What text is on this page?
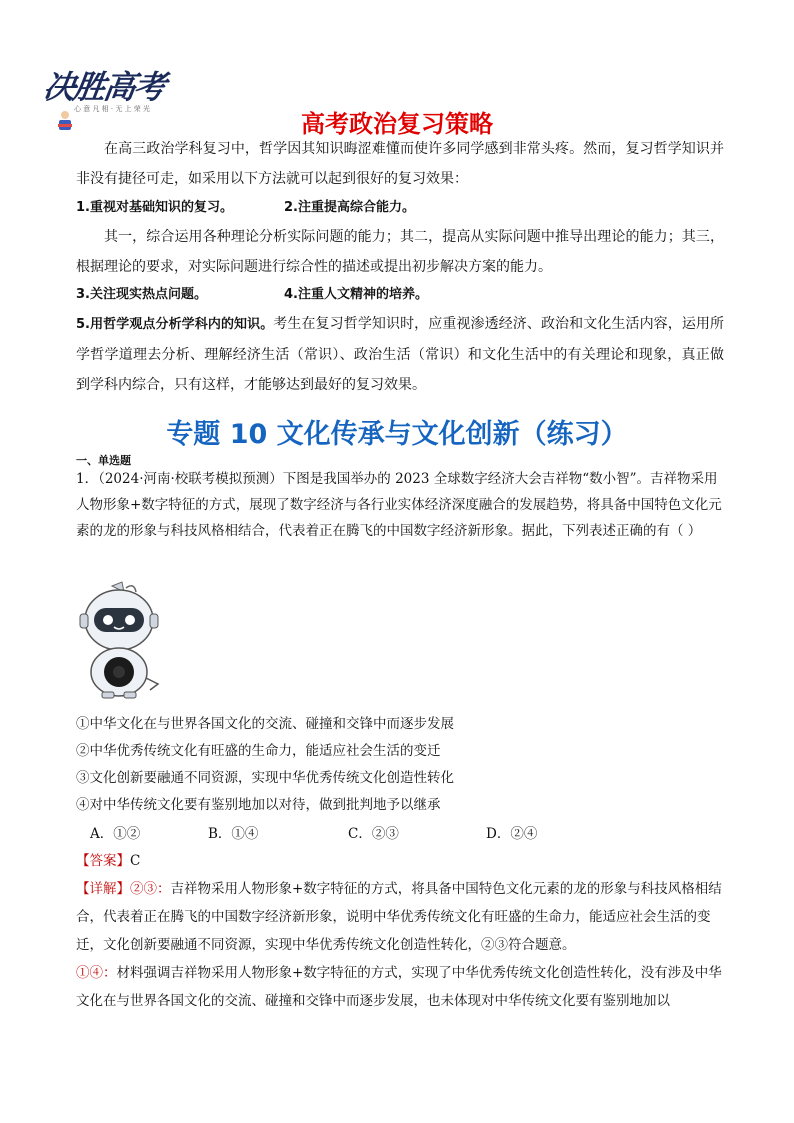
决胜高考
心 意 凡 相 · 无 上 荣 光
高考政治复习策略
在高三政治学科复习中，哲学因其知识晦涩难懂而使许多同学感到非常头疼。然而，复习哲学知识并非没有捷径可走，如采用以下方法就可以起到很好的复习效果：
1.重视对基础知识的复习。	2.注重提高综合能力。
其一，综合运用各种理论分析实际问题的能力；其二，提高从实际问题中推导出理论的能力；其三，根据理论的要求，对实际问题进行综合性的描述或提出初步解决方案的能力。
3.关注现实热点问题。	4.注重人文精神的培养。
5.用哲学观点分析学科内的知识。考生在复习哲学知识时，应重视渗透经济、政治和文化生活内容，运用所学哲学道理去分析、理解经济生活（常识）、政治生活（常识）和文化生活中的有关理论和现象，真正做到学科内综合，只有这样，才能够达到最好的复习效果。
专题 10 文化传承与文化创新（练习）
一、单选题
1．（2024·河南·校联考模拟预测）下图是我国举办的 2023 全球数字经济大会吉祥物“数小智”。吉祥物采用人物形象+数字特征的方式，展现了数字经济与各行业实体经济深度融合的发展趋势，将具备中国特色文化元素的龙的形象与科技风格相结合，代表着正在腾飞的中国数字经济新形象。据此，下列表述正确的有（ ）
①中华文化在与世界各国文化的交流、碰撞和交锋中而逐步发展
②中华优秀传统文化有旺盛的生命力，能适应社会生活的变迁
③文化创新要融通不同资源，实现中华优秀传统文化创造性转化
④对中华传统文化要有鉴别地加以对待，做到批判地予以继承
A．①②	B．①④	C．②③	D．②④
【答案】C
【详解】②③：吉祥物采用人物形象+数字特征的方式，将具备中国特色文化元素的龙的形象与科技风格相结合，代表着正在腾飞的中国数字经济新形象，说明中华优秀传统文化有旺盛的生命力，能适应社会生活的变迁，文化创新要融通不同资源，实现中华优秀传统文化创造性转化，②③符合题意。
①④：材料强调吉祥物采用人物形象+数字特征的方式，实现了中华优秀传统文化创造性转化，没有涉及中华文化在与世界各国文化的交流、碰撞和交锋中而逐步发展，也未体现对中华传统文化要有鉴别地加以
